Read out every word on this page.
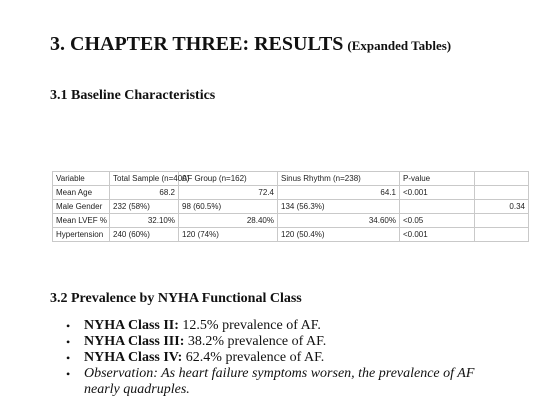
3. CHAPTER THREE: RESULTS (Expanded Tables)
3.1 Baseline Characteristics
Variable	Total Sample (n=400)	AF Group (n=162)	Sinus Rhythm (n=238)	P-value	
Mean Age	68.2	72.4	64.1	<0.001	
Male Gender	232 (58%)	98 (60.5%)	134 (56.3%)		0.34
Mean LVEF %	32.10%	28.40%	34.60%	<0.05	
Hypertension	240 (60%)	120 (74%)	120 (50.4%)	<0.001	
3.2 Prevalence by NYHA Functional Class
• NYHA Class II: 12.5% prevalence of AF.
• NYHA Class III: 38.2% prevalence of AF.
• NYHA Class IV: 62.4% prevalence of AF.
• Observation: As heart failure symptoms worsen, the prevalence of AF nearly quadruples.
